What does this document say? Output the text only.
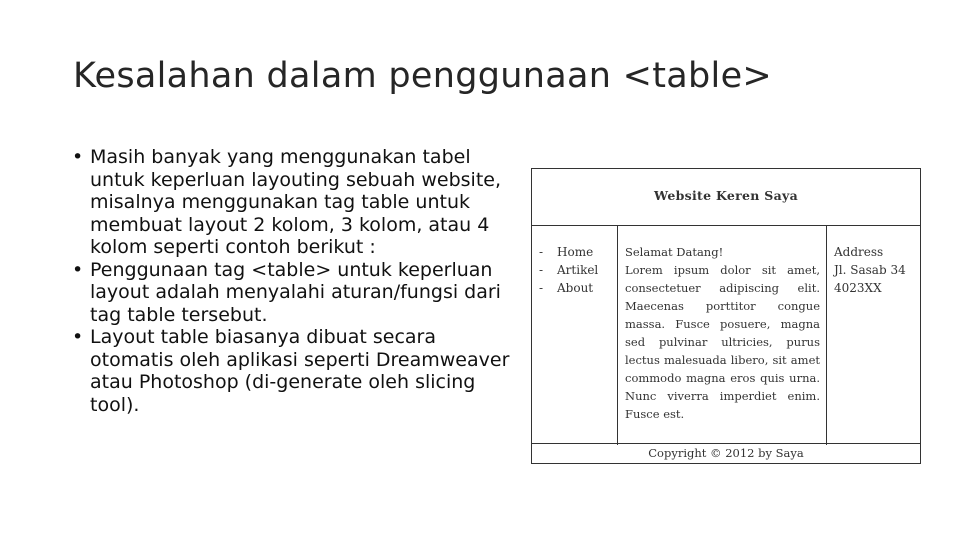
Kesalahan dalam penggunaan <table>
• Masih banyak yang menggunakan tabel untuk keperluan layouting sebuah website, misalnya menggunakan tag table untuk membuat layout 2 kolom, 3 kolom, atau 4 kolom seperti contoh berikut :
• Penggunaan tag <table> untuk keperluan layout adalah menyalahi aturan/fungsi dari tag table tersebut.
• Layout table biasanya dibuat secara otomatis oleh aplikasi seperti Dreamweaver atau Photoshop (di-generate oleh slicing tool).
Website Keren Saya
- Home
- Artikel
- About
Selamat Datang!
Lorem ipsum dolor sit amet, consectetuer adipiscing elit. Maecenas porttitor congue massa. Fusce posuere, magna sed pulvinar ultricies, purus lectus malesuada libero, sit amet commodo magna eros quis urna. Nunc viverra imperdiet enim. Fusce est.
Address
Jl. Sasab 34
4023XX
Copyright © 2012 by Saya
